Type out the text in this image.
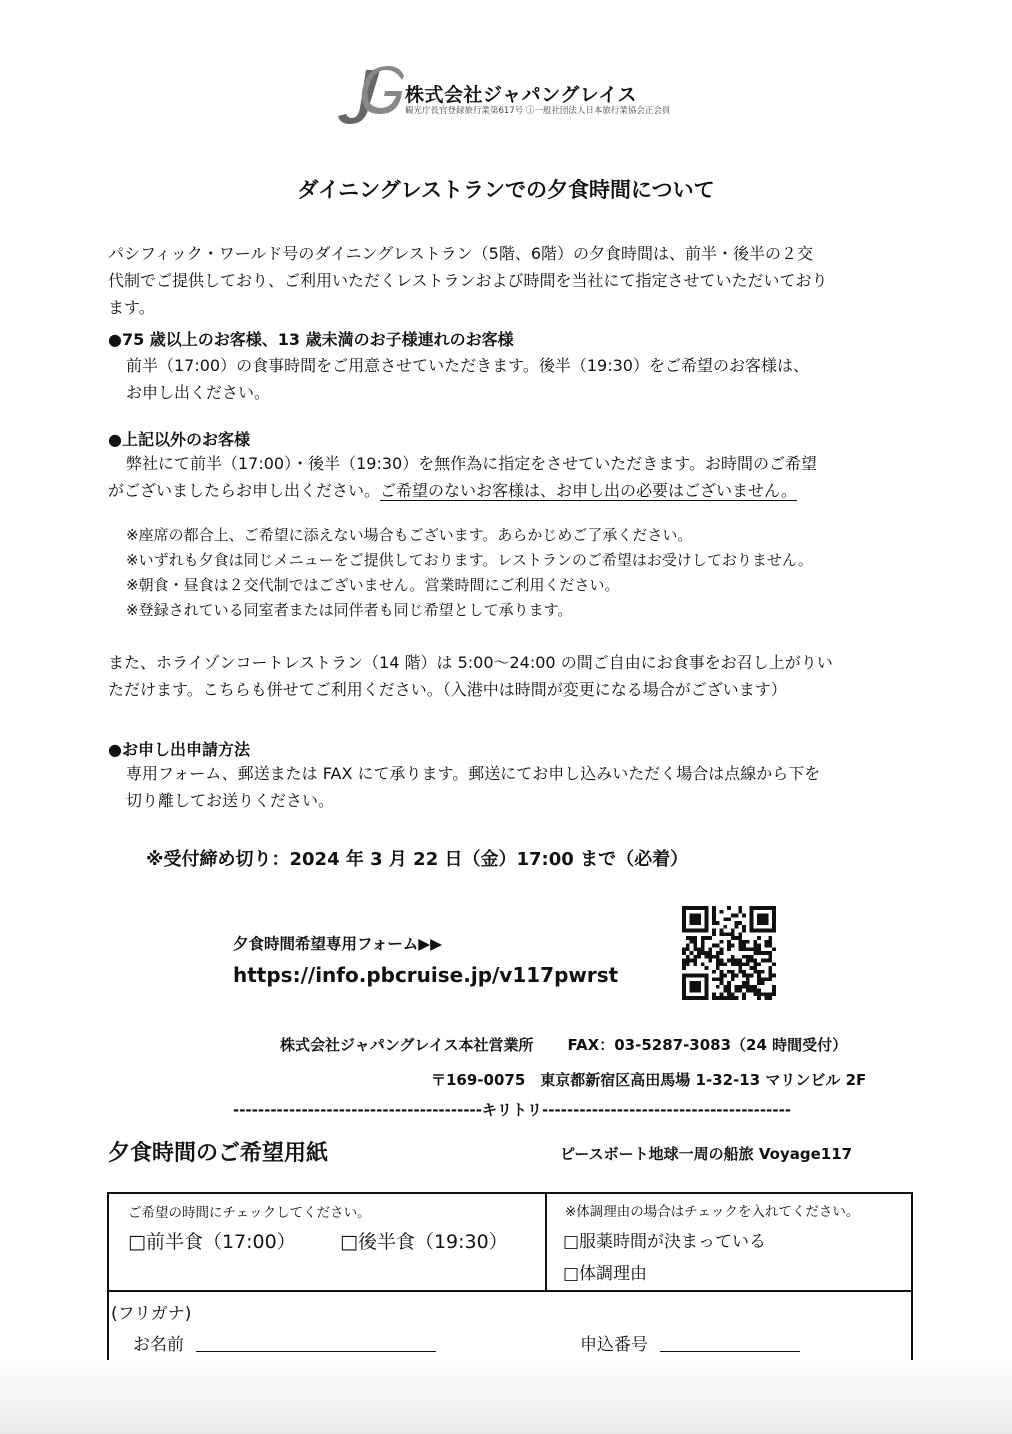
株式会社ジャパングレイス
観光庁長官登録旅行業第617号 ⓙ一般社団法人日本旅行業協会正会員
ダイニングレストランでの夕食時間について
パシフィック・ワールド号のダイニングレストラン（5階、6階）の夕食時間は、前半・後半の２交
代制でご提供しており、ご利用いただくレストランおよび時間を当社にて指定させていただいており
ます。
●75 歳以上のお客様、13 歳未満のお子様連れのお客様
前半（17:00）の食事時間をご用意させていただきます。後半（19:30）をご希望のお客様は、
お申し出ください。
●上記以外のお客様
弊社にて前半（17:00）・後半（19:30）を無作為に指定をさせていただきます。お時間のご希望
がございましたらお申し出ください。ご希望のないお客様は、お申し出の必要はございません。
※座席の都合上、ご希望に添えない場合もございます。あらかじめご了承ください。
※いずれも夕食は同じメニューをご提供しております。レストランのご希望はお受けしておりません。
※朝食・昼食は２交代制ではございません。営業時間にご利用ください。
※登録されている同室者または同伴者も同じ希望として承ります。
また、ホライゾンコートレストラン（14 階）は 5:00～24:00 の間ご自由にお食事をお召し上がりい
ただけます。こちらも併せてご利用ください。（入港中は時間が変更になる場合がございます）
●お申し出申請方法
専用フォーム、郵送または FAX にて承ります。郵送にてお申し込みいただく場合は点線から下を
切り離してお送りください。
※受付締め切り：2024 年 3 月 22 日（金）17:00 まで（必着）
夕食時間希望専用フォーム▶▶
https://info.pbcruise.jp/v117pwrst
株式会社ジャパングレイス本社営業所 FAX：03-5287-3083（24 時間受付）
〒169-0075　東京都新宿区高田馬場 1-32-13 マリンビル 2F
----------------------------------------キリトリ----------------------------------------
夕食時間のご希望用紙	ピースボート地球一周の船旅 Voyage117
ご希望の時間にチェックしてください。
□前半食（17:00） □後半食（19:30）
※体調理由の場合はチェックを入れてください。
□服薬時間が決まっている
□体調理由
(フリガナ)
お名前	申込番号
